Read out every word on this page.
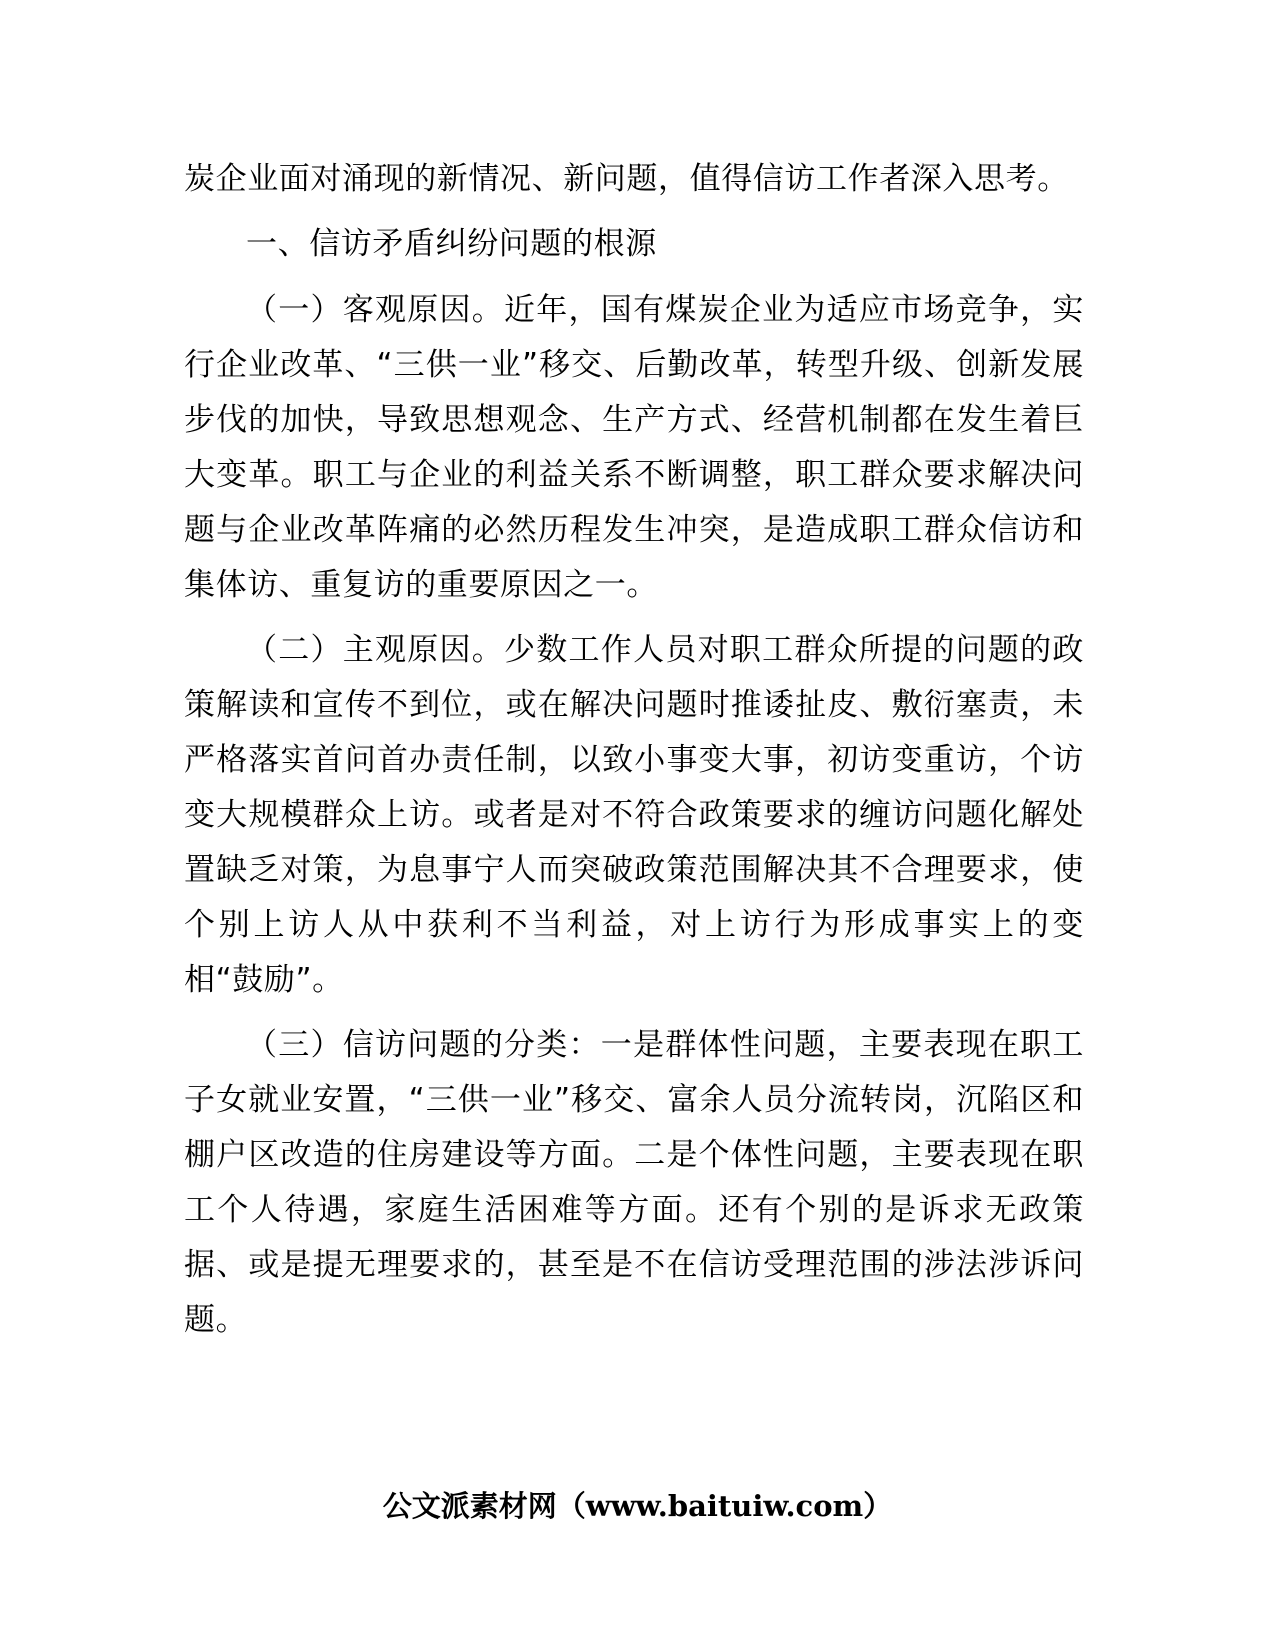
炭企业面对涌现的新情况、新问题，值得信访工作者深入思考。

一、信访矛盾纠纷问题的根源

（一）客观原因。近年，国有煤炭企业为适应市场竞争，实行企业改革、“三供一业”移交、后勤改革，转型升级、创新发展步伐的加快，导致思想观念、生产方式、经营机制都在发生着巨大变革。职工与企业的利益关系不断调整，职工群众要求解决问题与企业改革阵痛的必然历程发生冲突，是造成职工群众信访和集体访、重复访的重要原因之一。

（二）主观原因。少数工作人员对职工群众所提的问题的政策解读和宣传不到位，或在解决问题时推诿扯皮、敷衍塞责，未严格落实首问首办责任制，以致小事变大事，初访变重访，个访变大规模群众上访。或者是对不符合政策要求的缠访问题化解处置缺乏对策，为息事宁人而突破政策范围解决其不合理要求，使个别上访人从中获利不当利益，对上访行为形成事实上的变相“鼓励”。

（三）信访问题的分类：一是群体性问题，主要表现在职工子女就业安置，“三供一业”移交、富余人员分流转岗，沉陷区和棚户区改造的住房建设等方面。二是个体性问题，主要表现在职工个人待遇，家庭生活困难等方面。还有个别的是诉求无政策据、或是提无理要求的，甚至是不在信访受理范围的涉法涉诉问题。

公文派素材网（www.baituiw.com）
